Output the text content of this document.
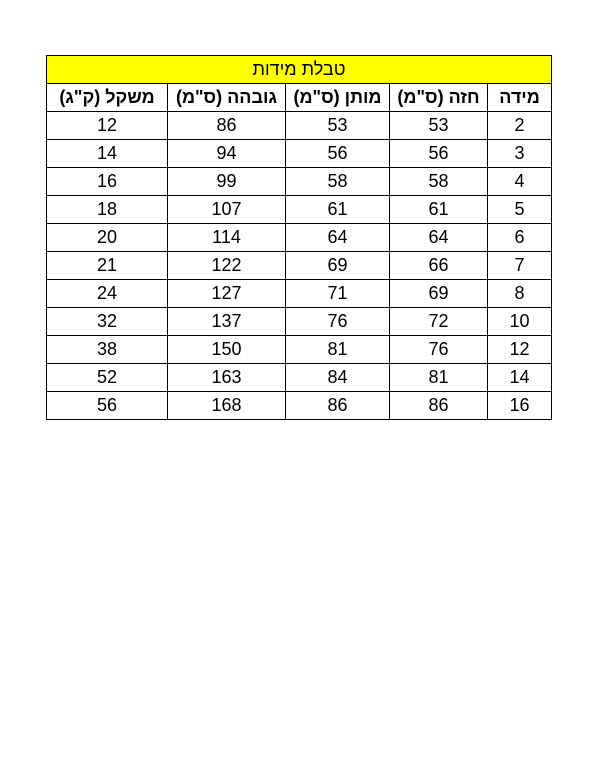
טבלת מידות				
מידה	חזה (ס"מ)	מותן (ס"מ)	גובהה (ס"מ)	משקל (ק"ג)
2	53	53	86	12
3	56	56	94	14
4	58	58	99	16
5	61	61	107	18
6	64	64	114	20
7	66	69	122	21
8	69	71	127	24
10	72	76	137	32
12	76	81	150	38
14	81	84	163	52
16	86	86	168	56
